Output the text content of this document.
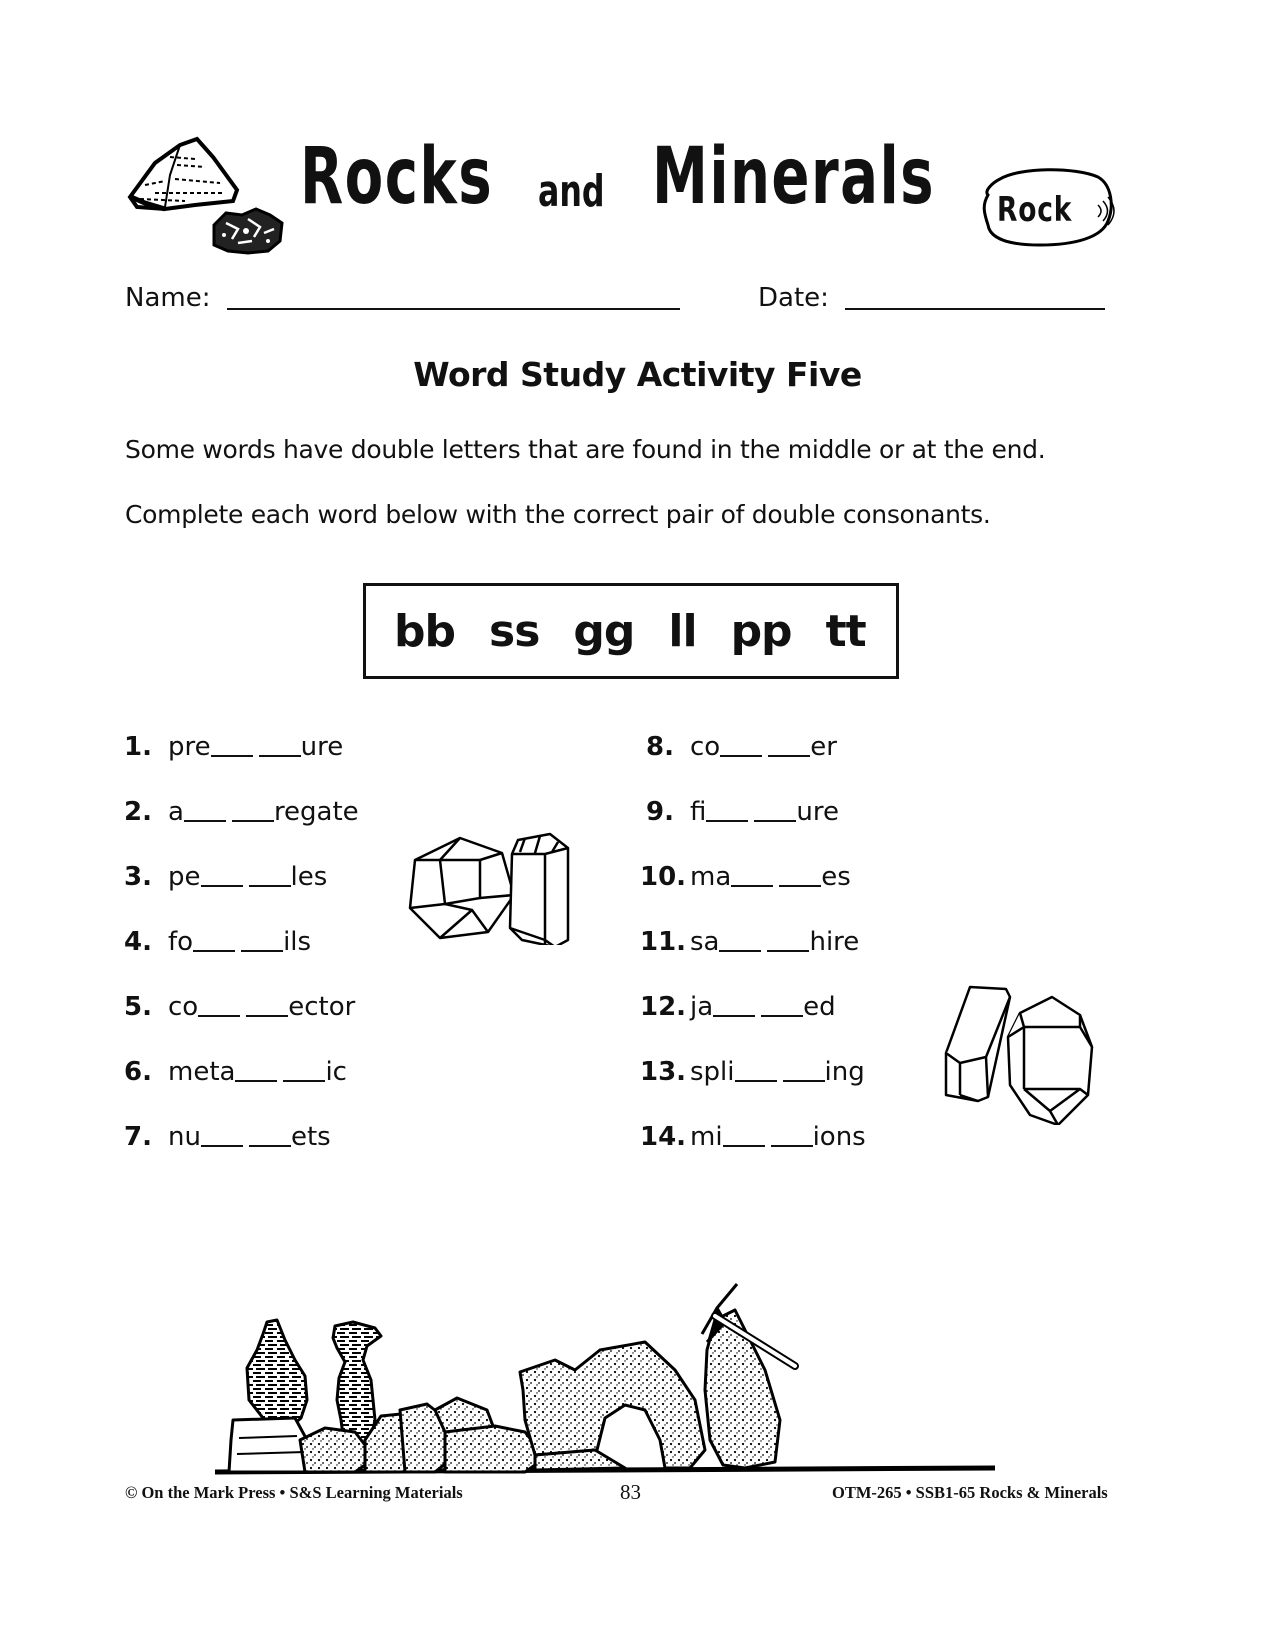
Rocks and Minerals Rock
Name:	Date:
Word Study Activity Five
Some words have double letters that are found in the middle or at the end.
Complete each word below with the correct pair of double consonants.
bb ss gg ll pp tt
1. pre	ure
2. a	regate
3. pe	les
4. fo	ils
5. co	ector
6. meta	ic
7. nu	ets
8. co	er
9. fi	ure
10. ma	es
11. sa	hire
12. ja	ed
13. spli	ing
14. mi	ions
© On the Mark Press • S&S Learning Materials	83	OTM-265 • SSB1-65 Rocks & Minerals
